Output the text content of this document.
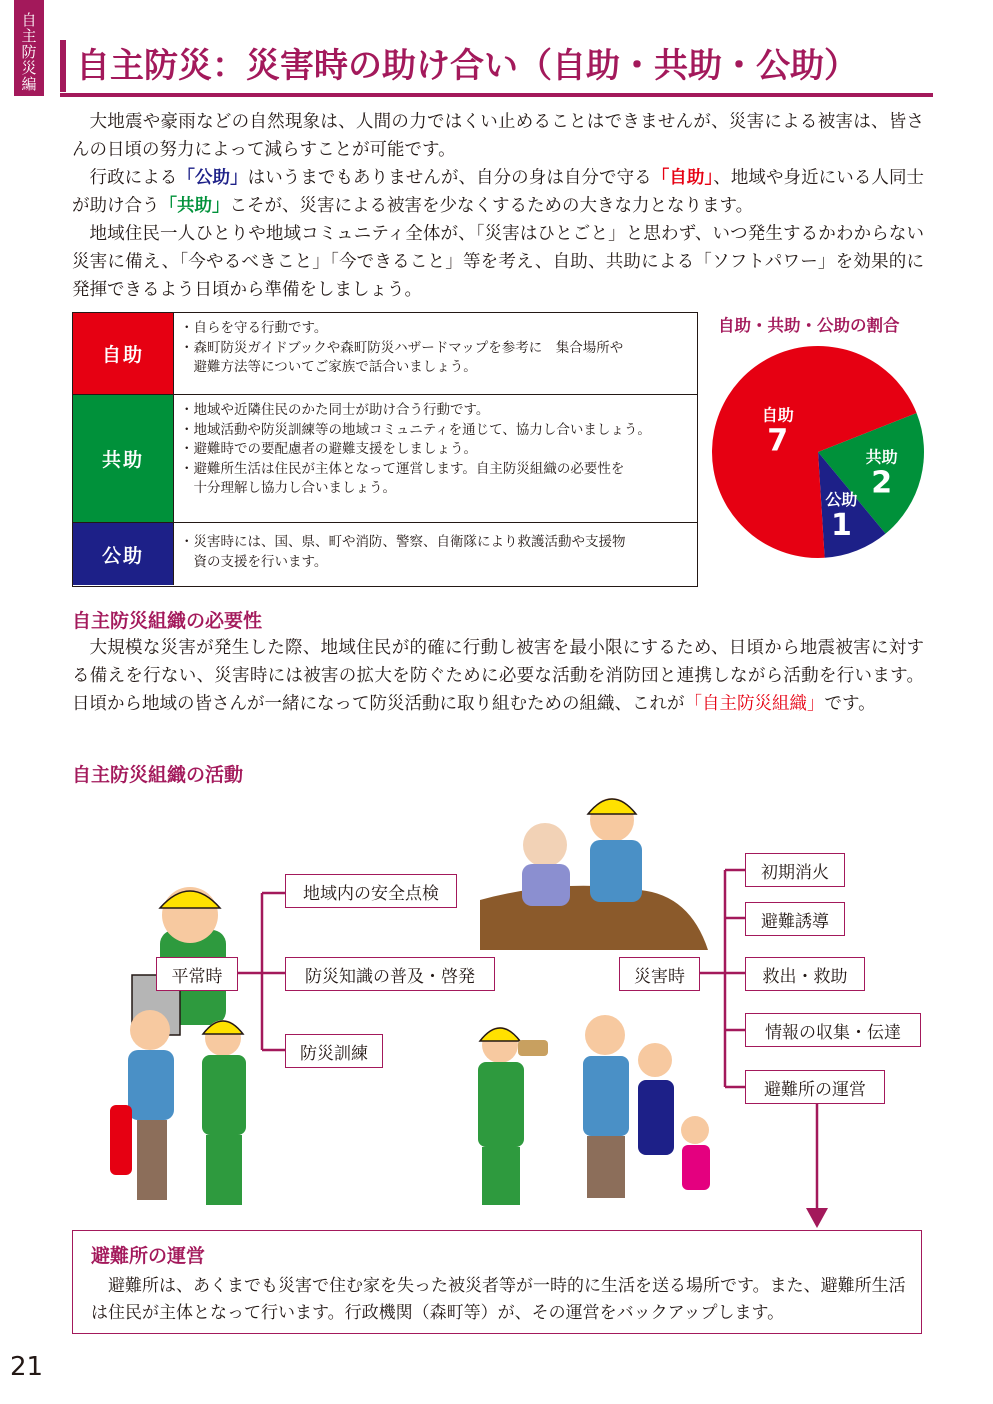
自主防災編 自主防災：災害時の助け合い（自助・共助・公助）

大地震や豪雨などの自然現象は、人間の力ではくい止めることはできませんが、災害による被害は、皆さんの日頃の努力によって減らすことが可能です。

行政による「公助」はいうまでもありませんが、自分の身は自分で守る「自助」、地域や身近にいる人同士が助け合う「共助」こそが、災害による被害を少なくするための大きな力となります。

地域住民一人ひとりや地域コミュニティ全体が、「災害はひとごと」と思わず、いつ発生するかわからない災害に備え、「今やるべきこと」「今できること」等を考え、自助、共助による「ソフトパワー」を効果的に発揮できるよう日頃から準備をしましょう。

自助
・自らを守る行動です。
・森町防災ガイドブックや森町防災ハザードマップを参考に　集合場所や
　避難方法等についてご家族で話合いましょう。
共助
・地域や近隣住民のかた同士が助け合う行動です。
・地域活動や防災訓練等の地域コミュニティを通じて、協力し合いましょう。
・避難時での要配慮者の避難支援をしましょう。
・避難所生活は住民が主体となって運営します。自主防災組織の必要性を
　十分理解し協力し合いましょう。
公助
・災害時には、国、県、町や消防、警察、自衛隊により救護活動や支援物
　資の支援を行います。
自助・共助・公助の割合
共助
2
公助
1
自助
7
自主防災組織の必要性

大規模な災害が発生した際、地域住民が的確に行動し被害を最小限にするため、日頃から地震被害に対する備えを行ない、災害時には被害の拡大を防ぐために必要な活動を消防団と連携しながら活動を行います。日頃から地域の皆さんが一緒になって防災活動に取り組むための組織、これが「自主防災組織」です。

自主防災組織の活動
平常時
地域内の安全点検
防災知識の普及・啓発
防災訓練
災害時
初期消火
避難誘導
救出・救助
情報の収集・伝達
避難所の運営
避難所の運営

避難所は、あくまでも災害で住む家を失った被災者等が一時的に生活を送る場所です。また、避難所生活は住民が主体となって行います。行政機関（森町等）が、その運営をバックアップします。

21
